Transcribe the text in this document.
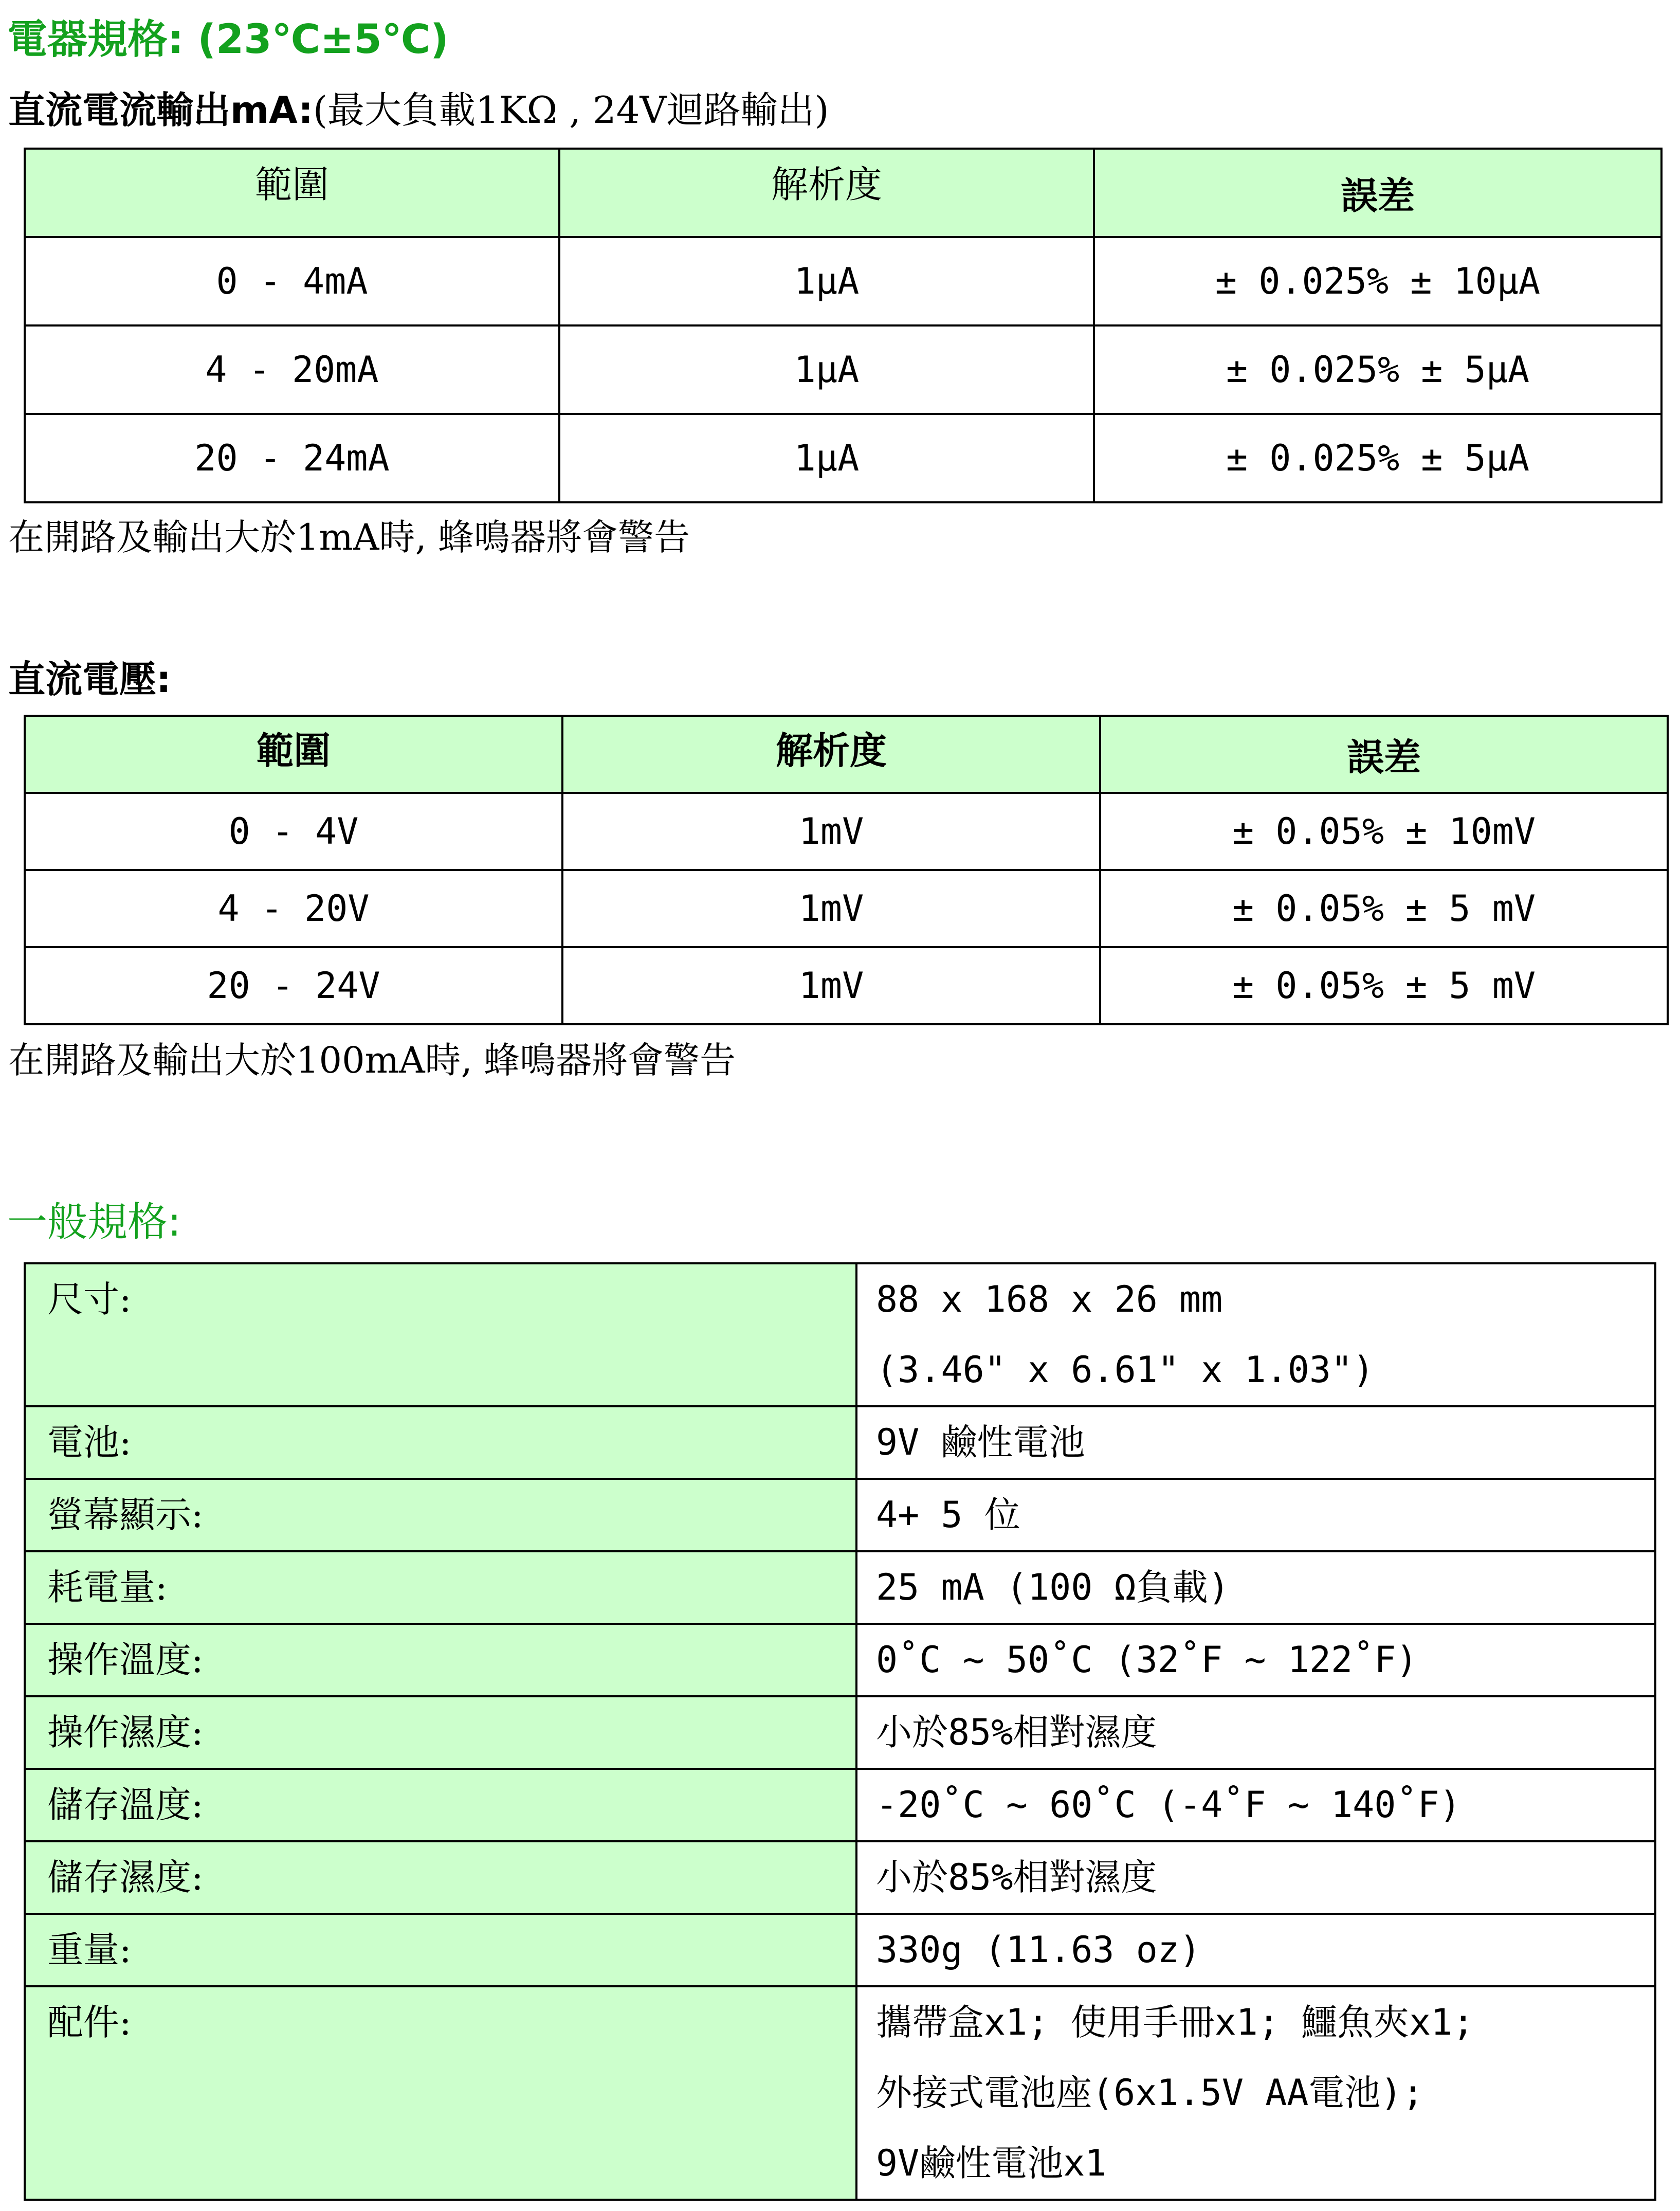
電器規格: (23℃±5℃)
直流電流輸出mA:(最大負載1KΩ , 24V迴路輸出)
範圍	解析度	誤差
0 - 4mA	1μA	± 0.025% ± 10μA
4 - 20mA	1μA	± 0.025% ± 5μA
20 - 24mA	1μA	± 0.025% ± 5μA
在開路及輸出大於1mA時, 蜂鳴器將會警告
直流電壓:
範圍	解析度	誤差
0 - 4V	1mV	± 0.05% ± 10mV
4 - 20V	1mV	± 0.05% ± 5 mV
20 - 24V	1mV	± 0.05% ± 5 mV
在開路及輸出大於100mA時, 蜂鳴器將會警告
一般規格:
尺寸:	88 x 168 x 26 mm
(3.46" x 6.61" x 1.03")

電池:	9V 鹼性電池

螢幕顯示:	4+ 5 位

耗電量:	25 mA (100 Ω負載)

操作溫度:	0˚C ~ 50˚C (32˚F ~ 122˚F)

操作濕度:	小於85%相對濕度

儲存溫度:	-20˚C ~ 60˚C (-4˚F ~ 140˚F)

儲存濕度:	小於85%相對濕度

重量:	330g (11.63 oz)

配件:	攜帶盒x1; 使用手冊x1; 鱷魚夾x1;
外接式電池座(6x1.5V AA電池);
9V鹼性電池x1
